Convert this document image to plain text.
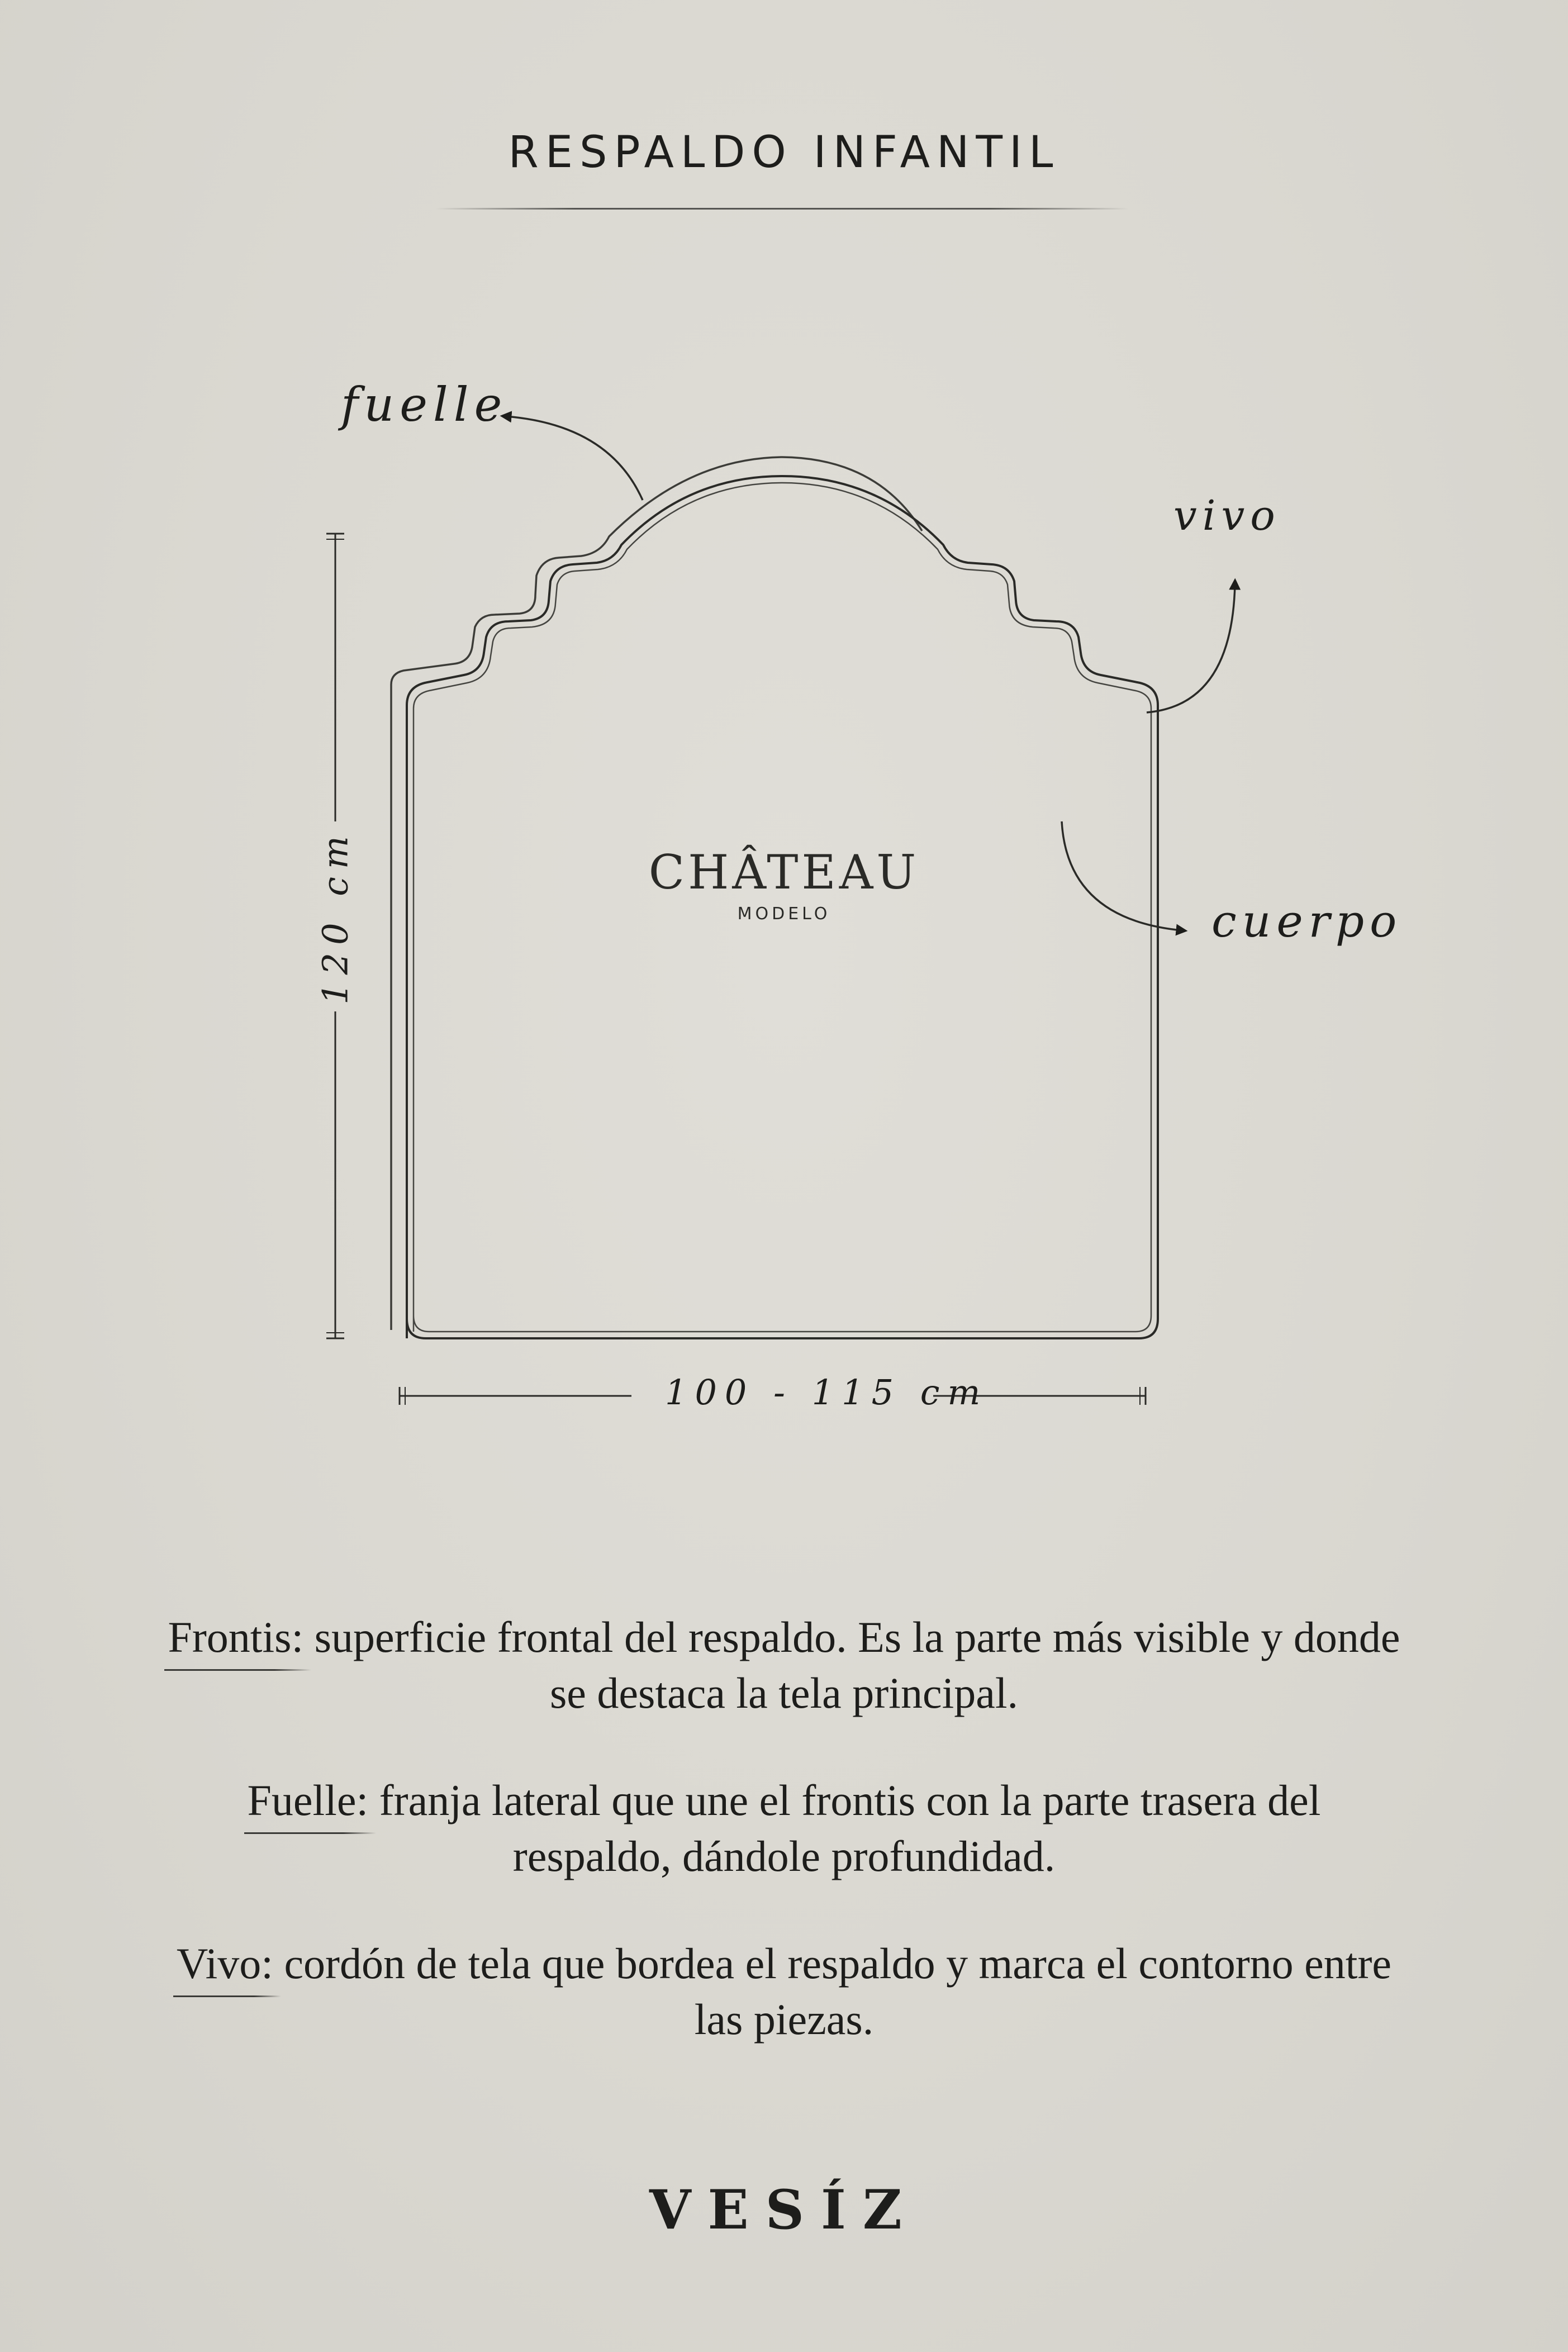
RESPALDO INFANTIL
fuelle
vivo
cuerpo
100 - 115 cm
120 cm	CHÂTEAU
MODELO

Frontis: superficie frontal del respaldo. Es la parte más visible y donde se destaca la tela principal.

Fuelle: franja lateral que une el frontis con la parte trasera del respaldo, dándole profundidad.

Vivo: cordón de tela que bordea el respaldo y marca el contorno entre las piezas.

VESÍZ
